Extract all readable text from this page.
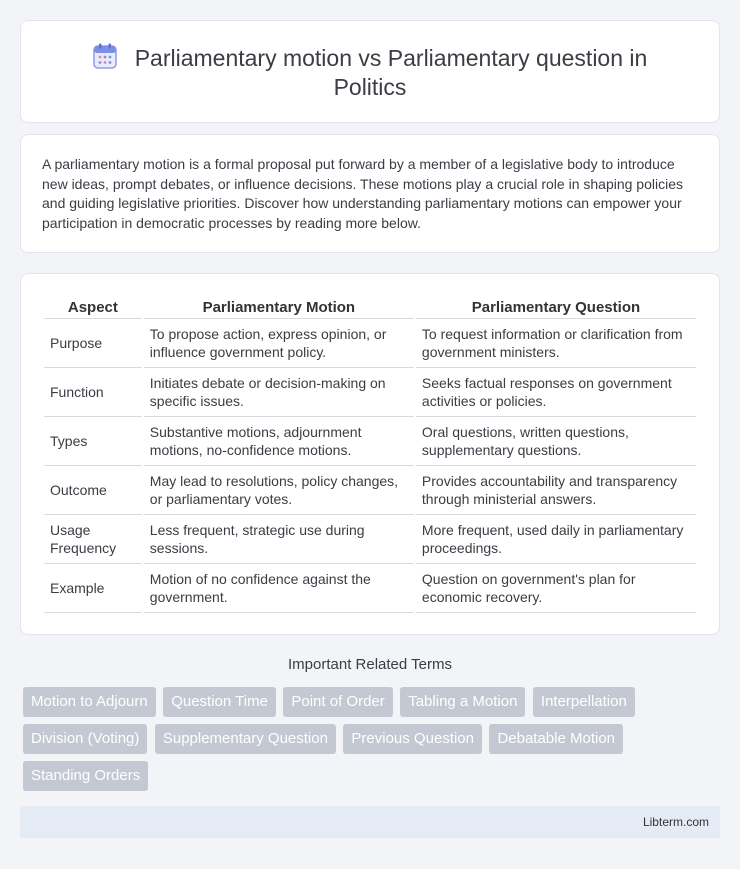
Parliamentary motion vs Parliamentary question in Politics

A parliamentary motion is a formal proposal put forward by a member of a legislative body to introduce new ideas, prompt debates, or influence decisions. These motions play a crucial role in shaping policies and guiding legislative priorities. Discover how understanding parliamentary motions can empower your participation in democratic processes by reading more below.

Aspect	Parliamentary Motion	Parliamentary Question
Purpose	To propose action, express opinion, or influence government policy.	To request information or clarification from government ministers.
Function	Initiates debate or decision-making on specific issues.	Seeks factual responses on government activities or policies.
Types	Substantive motions, adjournment motions, no-confidence motions.	Oral questions, written questions, supplementary questions.
Outcome	May lead to resolutions, policy changes, or parliamentary votes.	Provides accountability and transparency through ministerial answers.
Usage Frequency	Less frequent, strategic use during sessions.	More frequent, used daily in parliamentary proceedings.
Example	Motion of no confidence against the government.	Question on government's plan for economic recovery.
Important Related Terms
Motion to Adjourn Question Time Point of Order Tabling a Motion Interpellation Division (Voting) Supplementary Question Previous Question Debatable Motion Standing Orders
Libterm.com
